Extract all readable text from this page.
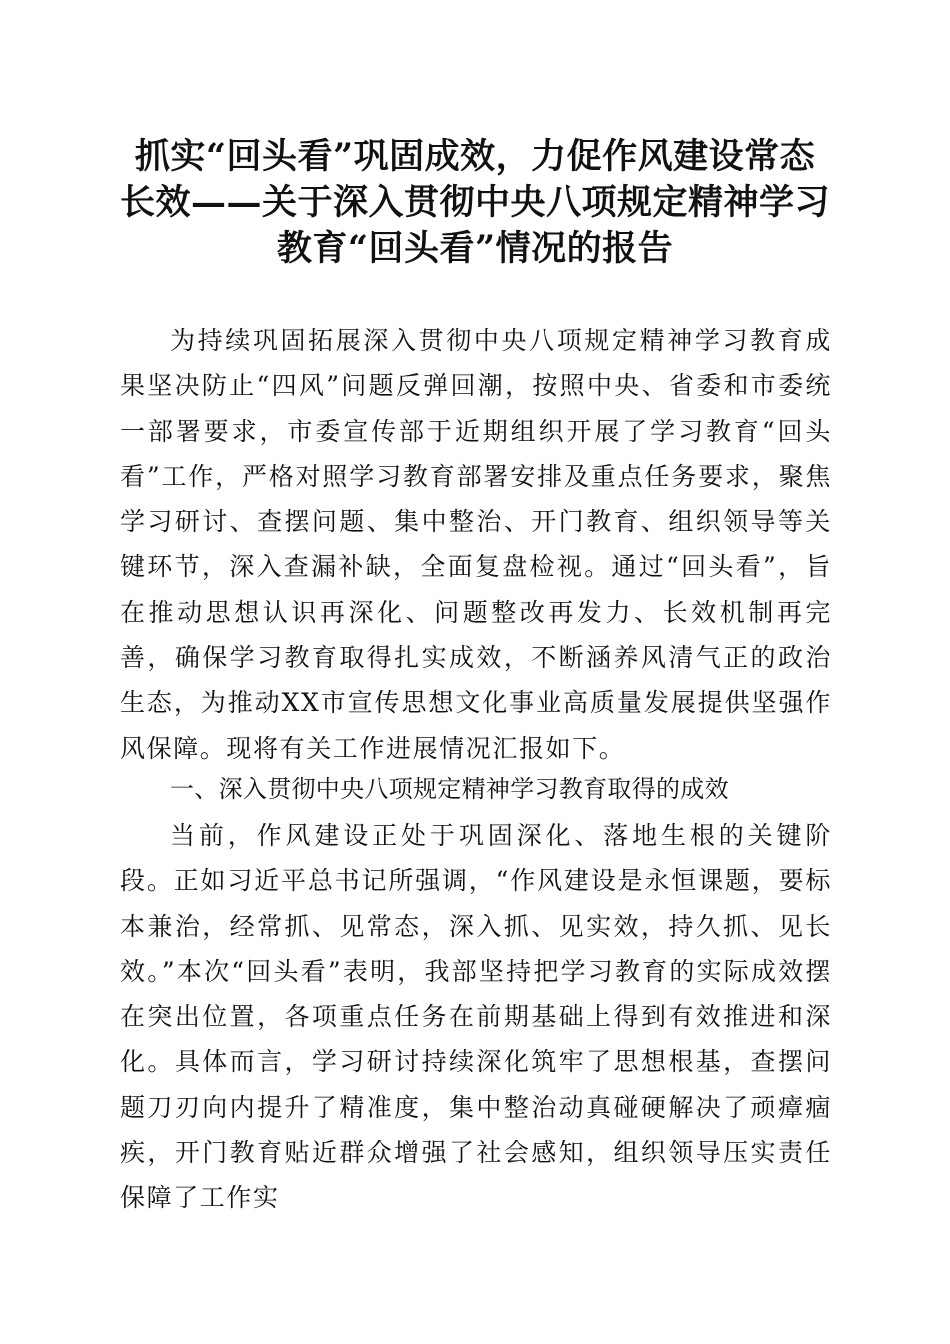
抓实“回头看”巩固成效，力促作风建设常态
长效——关于深入贯彻中央八项规定精神学习
教育“回头看”情况的报告

为持续巩固拓展深入贯彻中央八项规定精神学习教育成果坚决防止“四风”问题反弹回潮，按照中央、省委和市委统一部署要求，市委宣传部于近期组织开展了学习教育“回头看”工作，严格对照学习教育部署安排及重点任务要求，聚焦学习研讨、查摆问题、集中整治、开门教育、组织领导等关键环节，深入查漏补缺，全面复盘检视。通过“回头看”，旨在推动思想认识再深化、问题整改再发力、长效机制再完善，确保学习教育取得扎实成效，不断涵养风清气正的政治生态，为推动XX市宣传思想文化事业高质量发展提供坚强作风保障。现将有关工作进展情况汇报如下。

一、深入贯彻中央八项规定精神学习教育取得的成效

当前，作风建设正处于巩固深化、落地生根的关键阶段。正如习近平总书记所强调，“作风建设是永恒课题，要标本兼治，经常抓、见常态，深入抓、见实效，持久抓、见长效。”本次“回头看”表明，我部坚持把学习教育的实际成效摆在突出位置，各项重点任务在前期基础上得到有效推进和深化。具体而言，学习研讨持续深化筑牢了思想根基，查摆问题刀刃向内提升了精准度，集中整治动真碰硬解决了顽瘴痼疾，开门教育贴近群众增强了社会感知，组织领导压实责任保障了工作实
